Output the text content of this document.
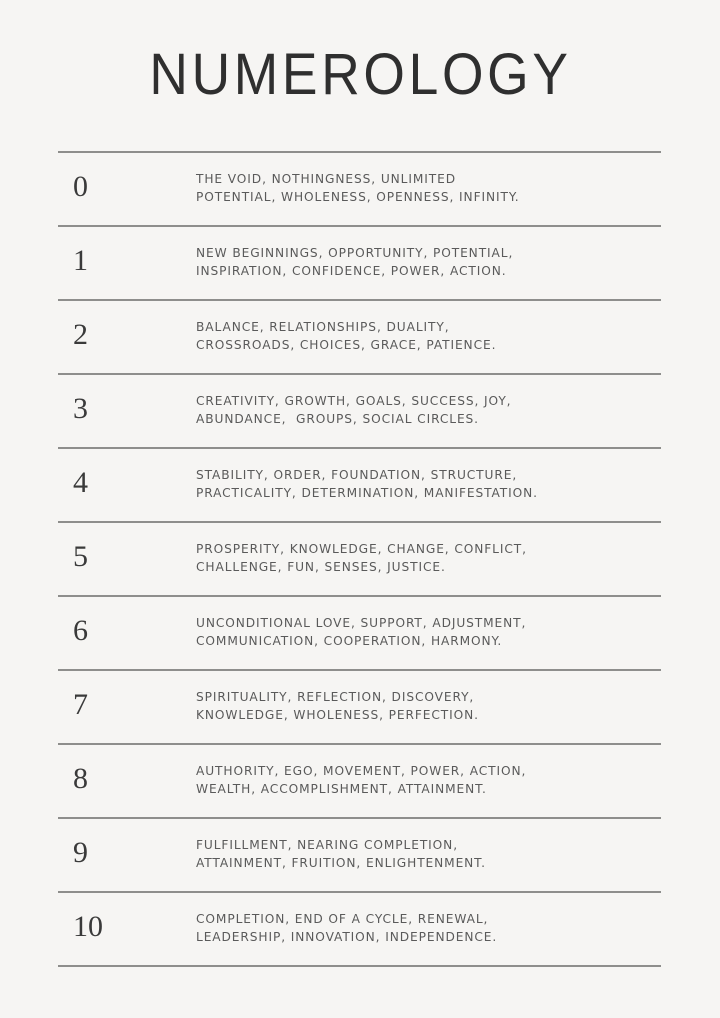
NUMEROLOGY
0	THE VOID, NOTHINGNESS, UNLIMITED
POTENTIAL, WHOLENESS, OPENNESS, INFINITY.
1	NEW BEGINNINGS, OPPORTUNITY, POTENTIAL,
INSPIRATION, CONFIDENCE, POWER, ACTION.
2	BALANCE, RELATIONSHIPS, DUALITY,
CROSSROADS, CHOICES, GRACE, PATIENCE.
3	CREATIVITY, GROWTH, GOALS, SUCCESS, JOY,
ABUNDANCE,  GROUPS, SOCIAL CIRCLES.
4	STABILITY, ORDER, FOUNDATION, STRUCTURE,
PRACTICALITY, DETERMINATION, MANIFESTATION.
5	PROSPERITY, KNOWLEDGE, CHANGE, CONFLICT,
CHALLENGE, FUN, SENSES, JUSTICE.
6	UNCONDITIONAL LOVE, SUPPORT, ADJUSTMENT,
COMMUNICATION, COOPERATION, HARMONY.
7	SPIRITUALITY, REFLECTION, DISCOVERY,
KNOWLEDGE, WHOLENESS, PERFECTION.
8	AUTHORITY, EGO, MOVEMENT, POWER, ACTION,
WEALTH, ACCOMPLISHMENT, ATTAINMENT.
9	FULFILLMENT, NEARING COMPLETION,
ATTAINMENT, FRUITION, ENLIGHTENMENT.
10	COMPLETION, END OF A CYCLE, RENEWAL,
LEADERSHIP, INNOVATION, INDEPENDENCE.
